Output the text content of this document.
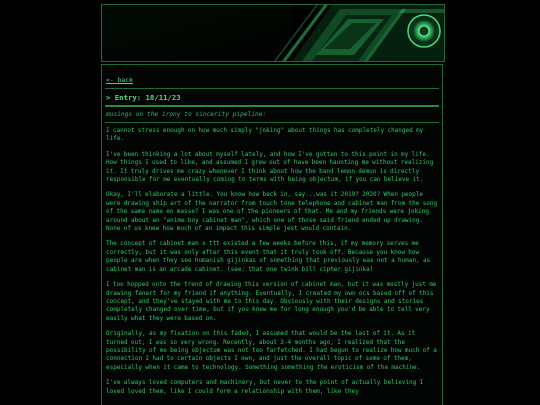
<- back
> Entry: 18/11/23
musings on the irony to sincerity pipeline:

I cannot stress enough on how much simply "joking" about things has completely changed my life.

I've been thinking a lot about myself lately, and how I've gotten to this point in my life. How things I used to like, and assumed I grew out of have been haunting me without realizing it. It truly drives me crazy whenever I think about how the band lemon demon is directly responsible for me eventually coming to terms with being objectum, if you can believe it.

Okay, I'll elaborate a little. You know how back in, say...was it 2019? 2020? When people were drawing ship art of the narrator from touch tone telephone and cabinet man from the song of the same name en masse? I was one of the pioneers of that. Me and my friends were joking around about an "anime boy cabinet man", which one of those said friend ended up drawing. None of us knew how much of an impact this simple jest would contain.

The concept of cabinet man x ttt existed a few weeks before this, if my memory serves me correctly, but it was only after this event that it truly took off. Because you know how people are when they see humanish gijinkas of something that previously was not a human, as cabinet man is an arcade cabinet. (see: that one twink bill cipher gijinka)

I too hopped onto the trend of drawing this version of cabinet man, but it was mostly just me drawing fanart for my friend if anything. Eventually, I created my own ocs based off of this concept, and they've stayed with me to this day. Obviously with their designs and stories completely changed over time, but if you knew me for long enough you'd be able to tell very easily what they were based on.

Originally, as my fixation on this faded, I assumed that would be the last of it. As it turned out, I was so very wrong. Recently, about 3-4 months ago, I realized that the possibility of me being objectum was not too farfetched. I had begun to realize how much of a connection I had to certain objects I own, and just the overall topic of some of them, especially when it came to technology. Something something the eroticism of the machine.

I've always loved computers and machinery, but never to the point of actually believing I loved loved them, like I could form a relationship with them, like they
